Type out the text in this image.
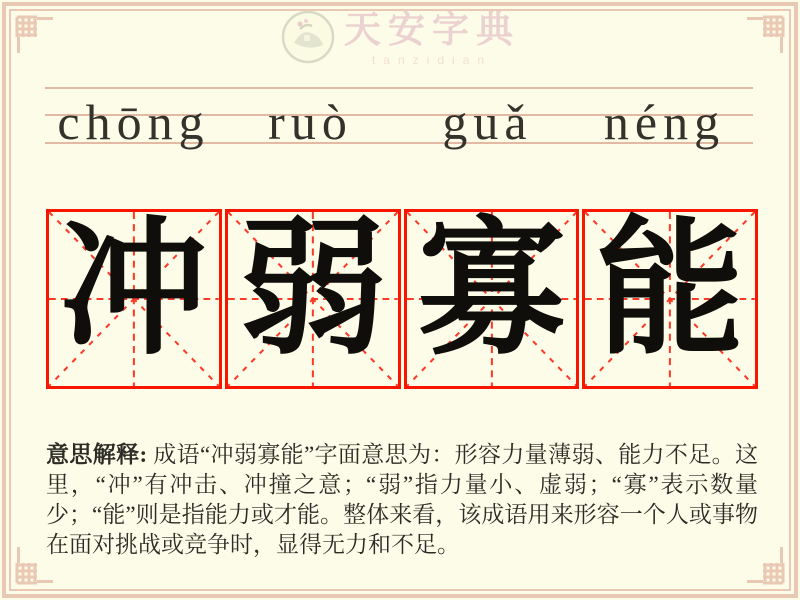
天安字典
tanzidian
chōng	ruò	guǎ	néng
冲 弱 寡 能

意思解释: 成语“冲弱寡能”字面意思为：形容力量薄弱、能力不足。这里，“冲”有冲击、冲撞之意；“弱”指力量小、虚弱；“寡”表示数量少；“能”则是指能力或才能。整体来看，该成语用来形容一个人或事物在面对挑战或竞争时，显得无力和不足。
